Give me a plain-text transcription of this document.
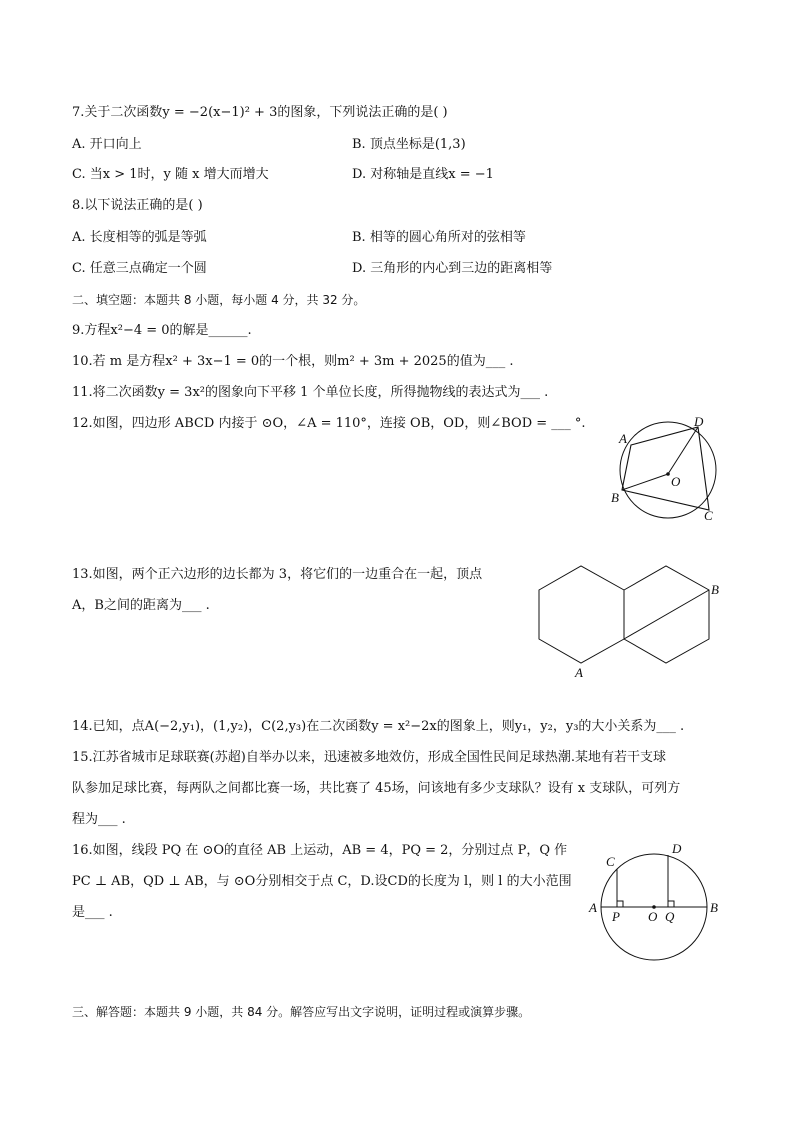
7.关于二次函数y = −2(x−1)² + 3的图象，下列说法正确的是( )
A. 开口向上	B. 顶点坐标是(1,3)
C. 当x > 1时，y 随 x 增大而增大	D. 对称轴是直线x = −1
8.以下说法正确的是( )
A. 长度相等的弧是等弧	B. 相等的圆心角所对的弦相等
C. 任意三点确定一个圆	D. 三角形的内心到三边的距离相等
二、填空题：本题共 8 小题，每小题 4 分，共 32 分。
9.方程x²−4 = 0的解是______.
10.若 m 是方程x² + 3x−1 = 0的一个根，则m² + 3m + 2025的值为___ .
11.将二次函数y = 3x²的图象向下平移 1 个单位长度，所得抛物线的表达式为___ .
12.如图，四边形 ABCD 内接于 ⊙O，∠A = 110°，连接 OB，OD，则∠BOD = ___ °.
A
B
C
D
O
13.如图，两个正六边形的边长都为 3，将它们的一边重合在一起，顶点
A，B之间的距离为___ .
A
B
14.已知，点A(−2,y₁)，(1,y₂)，C(2,y₃)在二次函数y = x²−2x的图象上，则y₁，y₂，y₃的大小关系为___ .
15.江苏省城市足球联赛(苏超)自举办以来，迅速被多地效仿，形成全国性民间足球热潮.某地有若干支球
队参加足球比赛，每两队之间都比赛一场，共比赛了 45场，问该地有多少支球队？设有 x 支球队，可列方
程为___ .
16.如图，线段 PQ 在 ⊙O的直径 AB 上运动，AB = 4，PQ = 2，分别过点 P，Q 作
PC ⊥ AB，QD ⊥ AB，与 ⊙O分别相交于点 C，D.设CD的长度为 l，则 l 的大小范围
是___ .	A	B
C
D
P O Q
三、解答题：本题共 9 小题，共 84 分。解答应写出文字说明，证明过程或演算步骤。
